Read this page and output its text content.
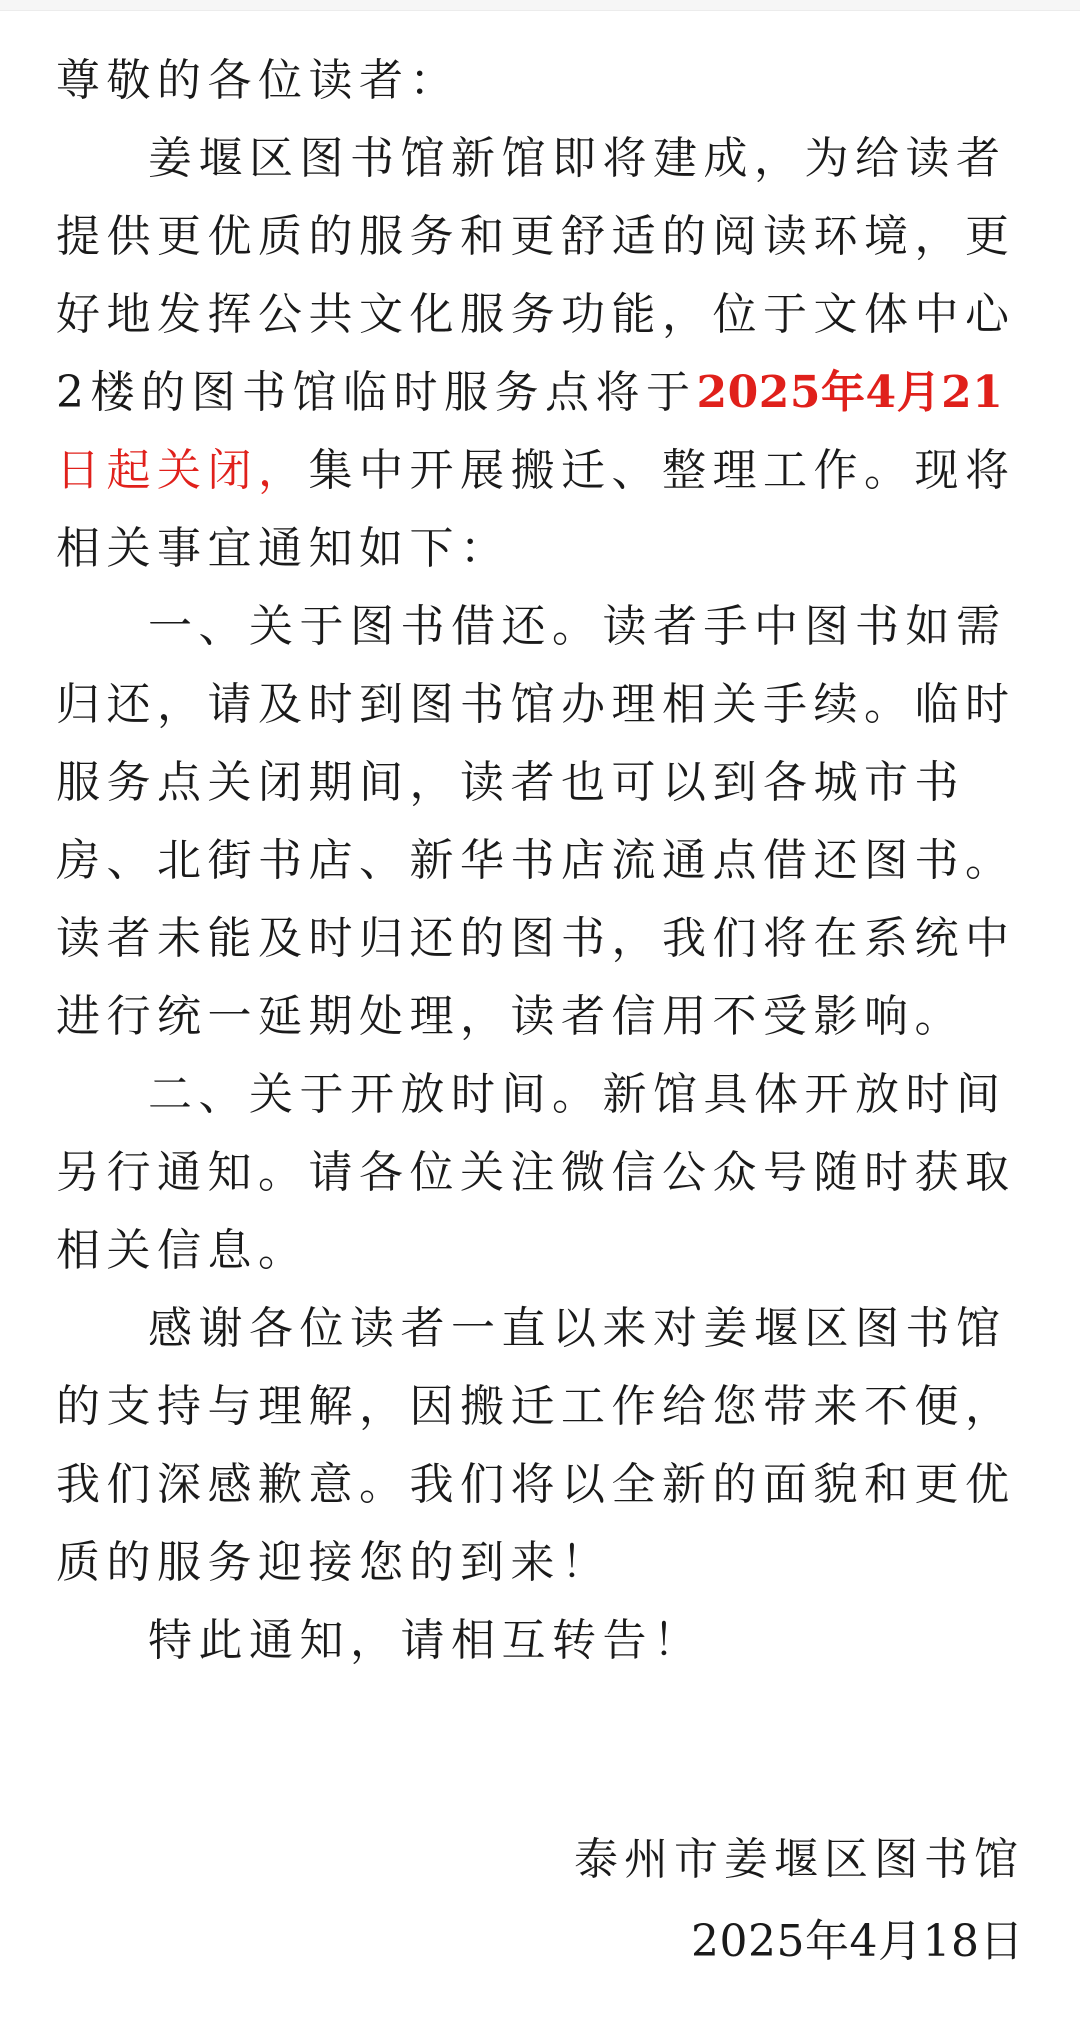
尊敬的各位读者：
姜堰区图书馆新馆即将建成，为给读者
提供更优质的服务和更舒适的阅读环境，更
好地发挥公共文化服务功能，位于文体中心
2楼的图书馆临时服务点将于2025年4月21
日起关闭，集中开展搬迁、整理工作。现将
相关事宜通知如下：
一、关于图书借还。读者手中图书如需
归还，请及时到图书馆办理相关手续。临时
服务点关闭期间，读者也可以到各城市书
房、北街书店、新华书店流通点借还图书。
读者未能及时归还的图书，我们将在系统中
进行统一延期处理，读者信用不受影响。
二、关于开放时间。新馆具体开放时间
另行通知。请各位关注微信公众号随时获取
相关信息。
感谢各位读者一直以来对姜堰区图书馆
的支持与理解，因搬迁工作给您带来不便，
我们深感歉意。我们将以全新的面貌和更优
质的服务迎接您的到来！
特此通知，请相互转告！
泰州市姜堰区图书馆
2025年4月18日
